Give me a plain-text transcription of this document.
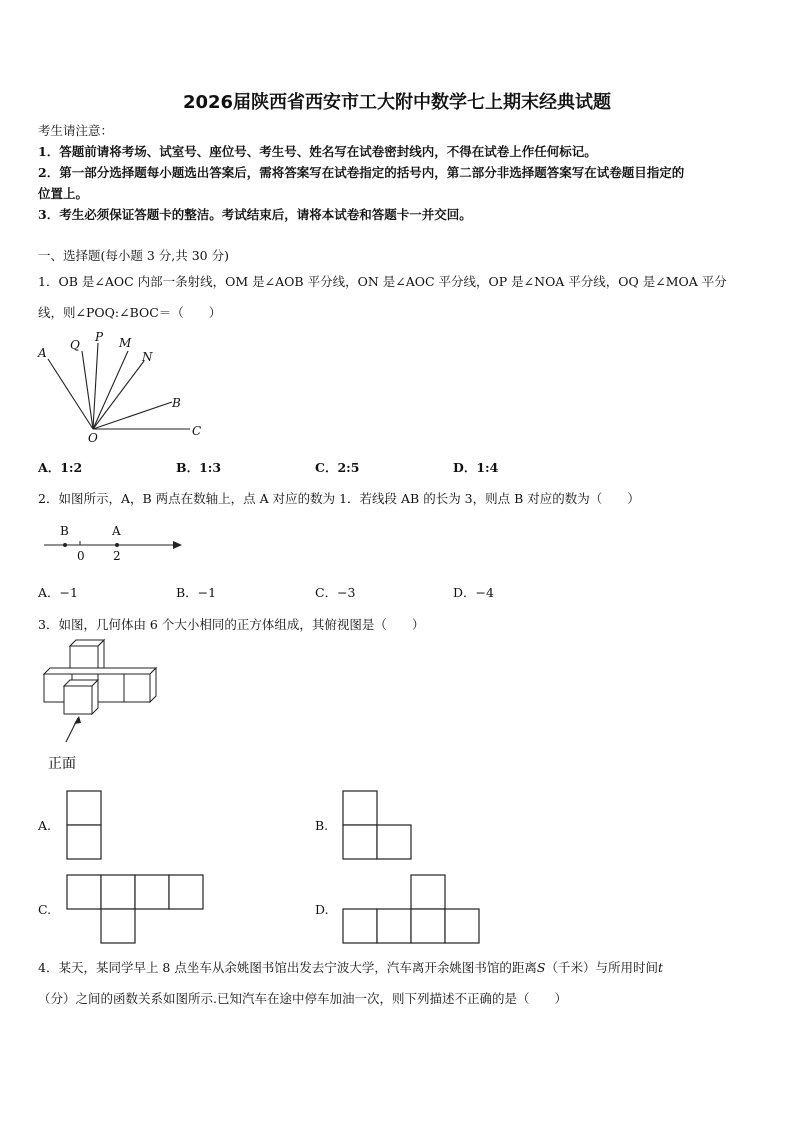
2026届陕西省西安市工大附中数学七上期末经典试题
考生请注意：
1．答题前请将考场、试室号、座位号、考生号、姓名写在试卷密封线内，不得在试卷上作任何标记。
2．第一部分选择题每小题选出答案后，需将答案写在试卷指定的括号内，第二部分非选择题答案写在试卷题目指定的
位置上。
3．考生必须保证答题卡的整洁。考试结束后，请将本试卷和答题卡一并交回。
一、选择题(每小题 3 分,共 30 分)
1．OB 是∠AOC 内部一条射线，OM 是∠AOB 平分线，ON 是∠AOC 平分线，OP 是∠NOA 平分线，OQ 是∠MOA 平分
线，则∠POQ:∠BOC＝（　　）
A
Q
P M
N
B
O	C
A．1:2	B．1:3	C．2:5	D．1:4
2．如图所示，A，B 两点在数轴上，点 A 对应的数为 1．若线段 AB 的长为 3，则点 B 对应的数为（　　）
B	A
0 2
A．−1	B．−1	C．−3	D．−4
3．如图，几何体由 6 个大小相同的正方体组成，其俯视图是（　　）
正面
A.	B.
C.	D.
4．某天，某同学早上 8 点坐车从余姚图书馆出发去宁波大学，汽车离开余姚图书馆的距离S（千米）与所用时间t
（分）之间的函数关系如图所示.已知汽车在途中停车加油一次，则下列描述不正确的是（　　）
